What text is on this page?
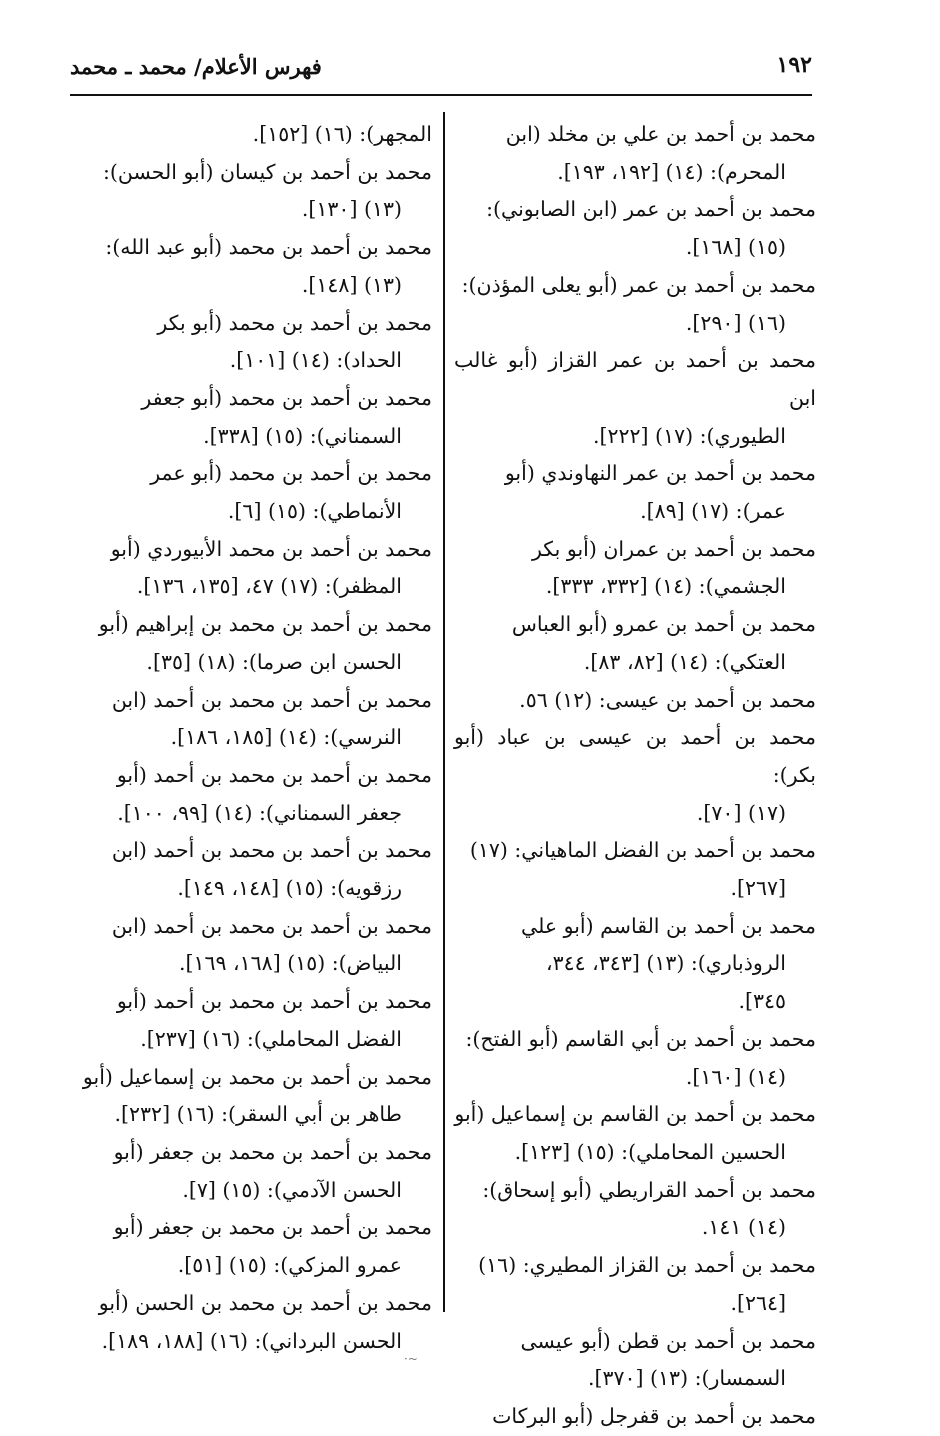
١٩٢
فهرس الأعلام/ محمد ـ محمد

محمد بن أحمد بن علي بن مخلد (ابن
المحرم): (١٤) [١٩٢، ١٩٣].

محمد بن أحمد بن عمر (ابن الصابوني):
(١٥) [١٦٨].

محمد بن أحمد بن عمر (أبو يعلى المؤذن):
(١٦) [٢٩٠].

محمد بن أحمد بن عمر القزاز (أبو غالب ابن
الطيوري): (١٧) [٢٢٢].

محمد بن أحمد بن عمر النهاوندي (أبو
عمر): (١٧) [٨٩].

محمد بن أحمد بن عمران (أبو بكر
الجشمي): (١٤) [٣٣٢، ٣٣٣].

محمد بن أحمد بن عمرو (أبو العباس
العتكي): (١٤) [٨٢، ٨٣].

محمد بن أحمد بن عيسى: (١٢) ٥٦.

محمد بن أحمد بن عيسى بن عباد (أبو بكر):
(١٧) [٧٠].

محمد بن أحمد بن الفضل الماهياني: (١٧)
[٢٦٧].

محمد بن أحمد بن القاسم (أبو علي
الروذباري): (١٣) [٣٤٣، ٣٤٤،
٣٤٥].

محمد بن أحمد بن أبي القاسم (أبو الفتح):
(١٤) [١٦٠].

محمد بن أحمد بن القاسم بن إسماعيل (أبو
الحسين المحاملي): (١٥) [١٢٣].

محمد بن أحمد القراريطي (أبو إسحاق):
(١٤) ١٤١.

محمد بن أحمد بن القزاز المطيري: (١٦)
[٢٦٤].

محمد بن أحمد بن قطن (أبو عيسى
السمسار): (١٣) [٣٧٠].

محمد بن أحمد بن قفرجل (أبو البركات

المجهر): (١٦) [١٥٢].

محمد بن أحمد بن كيسان (أبو الحسن):
(١٣) [١٣٠].

محمد بن أحمد بن محمد (أبو عبد الله):
(١٣) [١٤٨].

محمد بن أحمد بن محمد (أبو بكر
الحداد): (١٤) [١٠١].

محمد بن أحمد بن محمد (أبو جعفر
السمناني): (١٥) [٣٣٨].

محمد بن أحمد بن محمد (أبو عمر
الأنماطي): (١٥) [٦].

محمد بن أحمد بن محمد الأبيوردي (أبو
المظفر): (١٧) ٤٧، [١٣٥، ١٣٦].

محمد بن أحمد بن محمد بن إبراهيم (أبو
الحسن ابن صرما): (١٨) [٣٥].

محمد بن أحمد بن محمد بن أحمد (ابن
النرسي): (١٤) [١٨٥، ١٨٦].

محمد بن أحمد بن محمد بن أحمد (أبو
جعفر السمناني): (١٤) [٩٩، ١٠٠].

محمد بن أحمد بن محمد بن أحمد (ابن
رزقويه): (١٥) [١٤٨، ١٤٩].

محمد بن أحمد بن محمد بن أحمد (ابن
البياض): (١٥) [١٦٨، ١٦٩].

محمد بن أحمد بن محمد بن أحمد (أبو
الفضل المحاملي): (١٦) [٢٣٧].

محمد بن أحمد بن محمد بن إسماعيل (أبو
طاهر بن أبي السقر): (١٦) [٢٣٢].

محمد بن أحمد بن محمد بن جعفر (أبو
الحسن الآدمي): (١٥) [٧].

محمد بن أحمد بن محمد بن جعفر (أبو
عمرو المزكي): (١٥) [٥١].

محمد بن أحمد بن محمد بن الحسن (أبو
الحسن البرداني): (١٦) [١٨٨، ١٨٩].

·~
